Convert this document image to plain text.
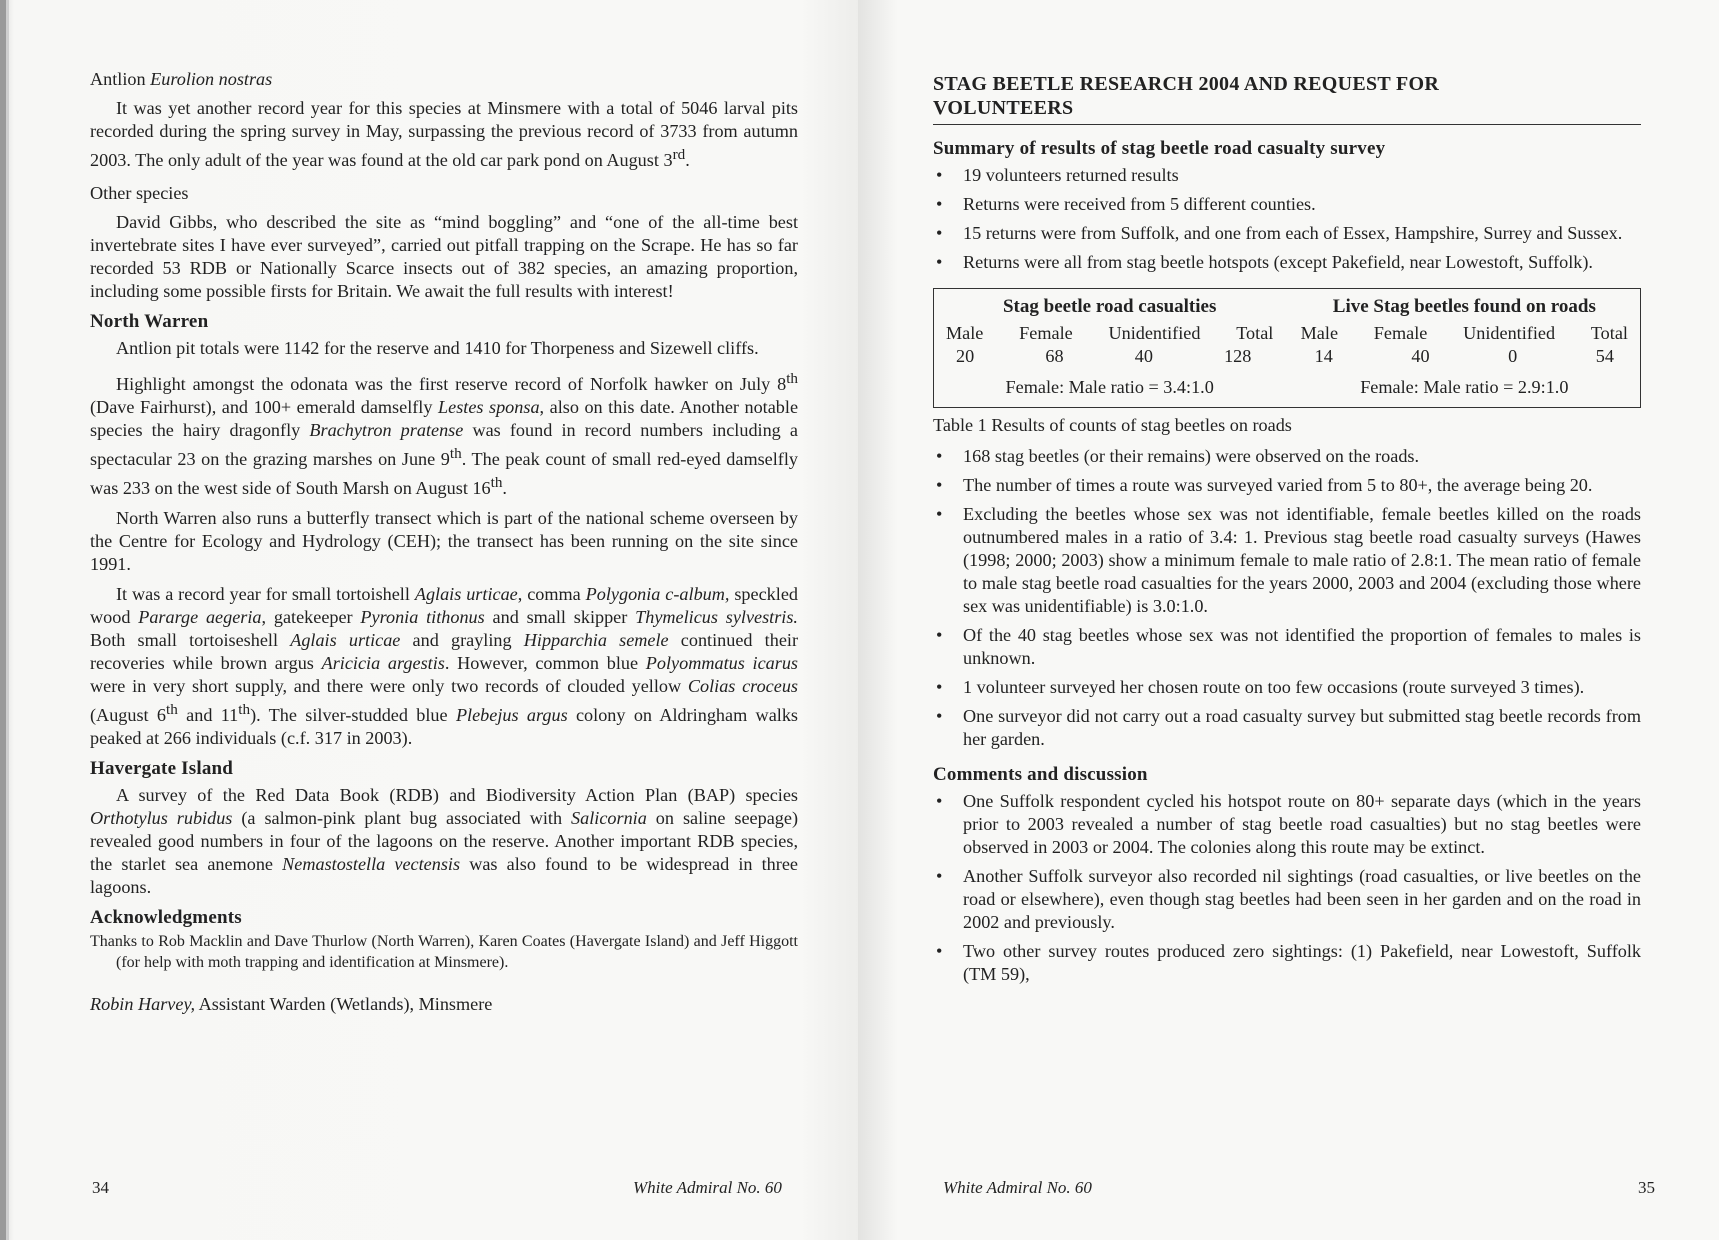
Antlion Eurolion nostras

It was yet another record year for this species at Minsmere with a total of 5046 larval pits recorded during the spring survey in May, surpassing the previous record of 3733 from autumn 2003. The only adult of the year was found at the old car park pond on August 3rd.

Other species

David Gibbs, who described the site as “mind boggling” and “one of the all-time best invertebrate sites I have ever surveyed”, carried out pitfall trapping on the Scrape. He has so far recorded 53 RDB or Nationally Scarce insects out of 382 species, an amazing proportion, including some possible firsts for Britain. We await the full results with interest!

North Warren

Antlion pit totals were 1142 for the reserve and 1410 for Thorpeness and Sizewell cliffs.

Highlight amongst the odonata was the first reserve record of Norfolk hawker on July 8th (Dave Fairhurst), and 100+ emerald damselfly Lestes sponsa, also on this date. Another notable species the hairy dragonfly Brachytron pratense was found in record numbers including a spectacular 23 on the grazing marshes on June 9th. The peak count of small red-eyed damselfly was 233 on the west side of South Marsh on August 16th.

North Warren also runs a butterfly transect which is part of the national scheme overseen by the Centre for Ecology and Hydrology (CEH); the transect has been running on the site since 1991.

It was a record year for small tortoishell Aglais urticae, comma Polygonia c-album, speckled wood Pararge aegeria, gatekeeper Pyronia tithonus and small skipper Thymelicus sylvestris. Both small tortoiseshell Aglais urticae and grayling Hipparchia semele continued their recoveries while brown argus Aricicia argestis. However, common blue Polyommatus icarus were in very short supply, and there were only two records of clouded yellow Colias croceus (August 6th and 11th). The silver-studded blue Plebejus argus colony on Aldringham walks peaked at 266 individuals (c.f. 317 in 2003).

Havergate Island

A survey of the Red Data Book (RDB) and Biodiversity Action Plan (BAP) species Orthotylus rubidus (a salmon-pink plant bug associated with Salicornia on saline seepage) revealed good numbers in four of the lagoons on the reserve. Another important RDB species, the starlet sea anemone Nemastostella vectensis was also found to be widespread in three lagoons.

Acknowledgments

Thanks to Rob Macklin and Dave Thurlow (North Warren), Karen Coates (Havergate Island) and Jeff Higgott (for help with moth trapping and identification at Minsmere).

Robin Harvey, Assistant Warden (Wetlands), Minsmere

34	White Admiral No. 60
STAG BEETLE RESEARCH 2004 AND REQUEST FOR
VOLUNTEERS

Summary of results of stag beetle road casualty survey

• 19 volunteers returned results
• Returns were received from 5 different counties.
• 15 returns were from Suffolk, and one from each of Essex, Hampshire, Surrey and Sussex.
• Returns were all from stag beetle hotspots (except Pakefield, near Lowestoft, Suffolk).
Stag beetle road casualties
Male Female Unidentified Total
20	68	40	128
Female: Male ratio = 3.4:1.0
Live Stag beetles found on roads
Male Female Unidentified Total
14	40	0	54
Female: Male ratio = 2.9:1.0

Table 1 Results of counts of stag beetles on roads

• 168 stag beetles (or their remains) were observed on the roads.
• The number of times a route was surveyed varied from 5 to 80+, the average being 20.
• Excluding the beetles whose sex was not identifiable, female beetles killed on the roads outnumbered males in a ratio of 3.4: 1. Previous stag beetle road casualty surveys (Hawes (1998; 2000; 2003) show a minimum female to male ratio of 2.8:1. The mean ratio of female to male stag beetle road casualties for the years 2000, 2003 and 2004 (excluding those where sex was unidentifiable) is 3.0:1.0.
• Of the 40 stag beetles whose sex was not identified the proportion of females to males is unknown.
• 1 volunteer surveyed her chosen route on too few occasions (route surveyed 3 times).
• One surveyor did not carry out a road casualty survey but submitted stag beetle records from her garden.

Comments and discussion

• One Suffolk respondent cycled his hotspot route on 80+ separate days (which in the years prior to 2003 revealed a number of stag beetle road casualties) but no stag beetles were observed in 2003 or 2004. The colonies along this route may be extinct.
• Another Suffolk surveyor also recorded nil sightings (road casualties, or live beetles on the road or elsewhere), even though stag beetles had been seen in her garden and on the road in 2002 and previously.
• Two other survey routes produced zero sightings: (1) Pakefield, near Lowestoft, Suffolk (TM 59),
White Admiral No. 60	35
